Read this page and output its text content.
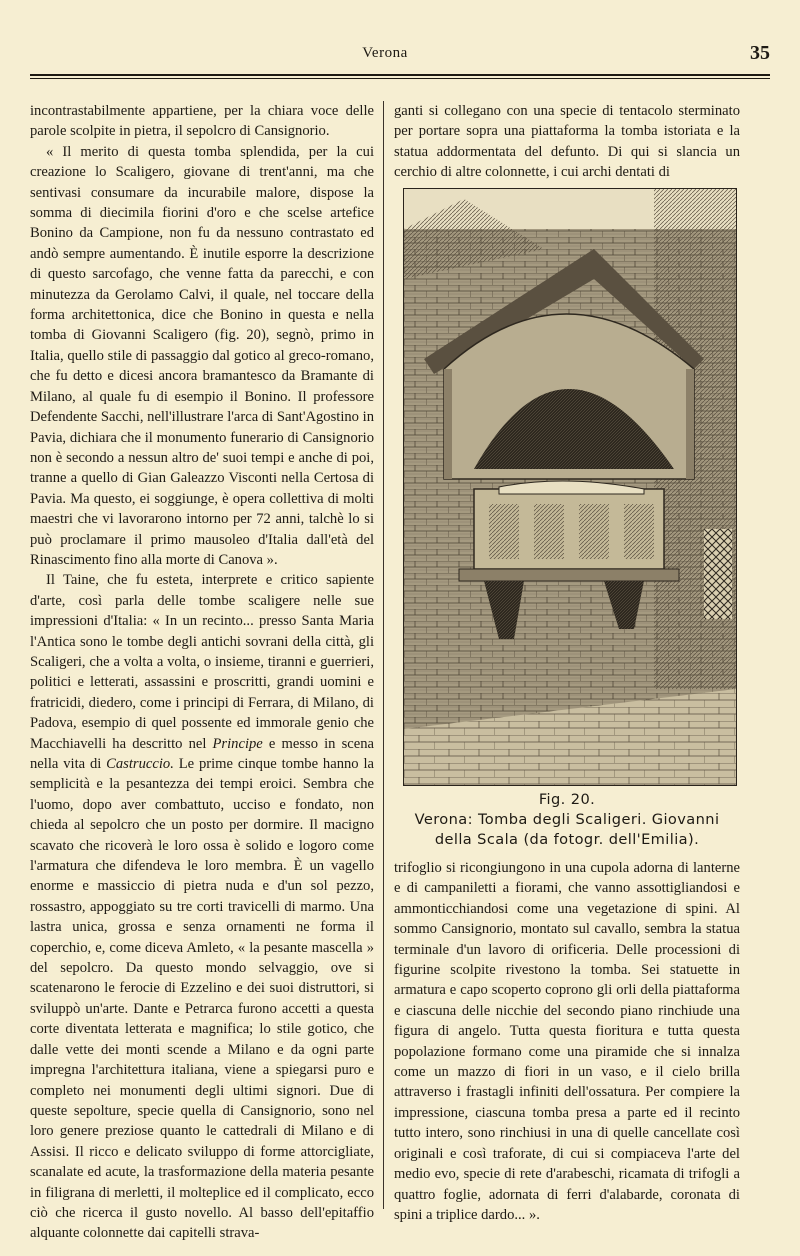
Verona	35

incontrastabilmente appartiene, per la chiara voce delle parole scolpite in pietra, il sepolcro di Cansignorio.

« Il merito di questa tomba splendida, per la cui creazione lo Scaligero, giovane di trent'anni, ma che sentivasi consumare da incurabile malore, dispose la somma di diecimila fiorini d'oro e che scelse artefice Bonino da Campione, non fu da nessuno contrastato ed andò sempre aumentando. È inutile esporre la descrizione di questo sarcofago, che venne fatta da parecchi, e con minutezza da Gerolamo Calvi, il quale, nel toccare della forma architettonica, dice che Bonino in questa e nella tomba di Giovanni Scaligero (fig. 20), segnò, primo in Italia, quello stile di passaggio dal gotico al greco-romano, che fu detto e dicesi ancora bramantesco da Bramante di Milano, al quale fu di esempio il Bonino. Il professore Defendente Sacchi, nell'illustrare l'arca di Sant'Agostino in Pavia, dichiara che il monumento funerario di Cansignorio non è secondo a nessun altro de' suoi tempi e anche di poi, tranne a quello di Gian Galeazzo Visconti nella Certosa di Pavia. Ma questo, ei soggiunge, è opera collettiva di molti maestri che vi lavorarono intorno per 72 anni, talchè lo si può proclamare il primo mausoleo d'Italia dall'età del Rinascimento fino alla morte di Canova ».

Il Taine, che fu esteta, interprete e critico sapiente d'arte, così parla delle tombe scaligere nelle sue impressioni d'Italia: « In un recinto... presso Santa Maria l'Antica sono le tombe degli antichi sovrani della città, gli Scaligeri, che a volta a volta, o insieme, tiranni e guerrieri, politici e letterati, assassini e proscritti, grandi uomini e fratricidi, diedero, come i principi di Ferrara, di Milano, di Padova, esempio di quel possente ed immorale genio che Macchiavelli ha descritto nel Principe e messo in scena nella vita di Castruccio. Le prime cinque tombe hanno la semplicità e la pesantezza dei tempi eroici. Sembra che l'uomo, dopo aver combattuto, ucciso e fondato, non chieda al sepolcro che un posto per dormire. Il macigno scavato che ricoverà le loro ossa è solido e logoro come l'armatura che difendeva le loro membra. È un vagello enorme e massiccio di pietra nuda e d'un sol pezzo, rossastro, appoggiato su tre corti travicelli di marmo. Una lastra unica, grossa e senza ornamenti ne forma il coperchio, e, come diceva Amleto, « la pesante mascella » del sepolcro. Da questo mondo selvaggio, ove si scatenarono le ferocie di Ezzelino e dei suoi distruttori, si sviluppò un'arte. Dante e Petrarca furono accetti a questa corte diventata letterata e magnifica; lo stile gotico, che dalle vette dei monti scende a Milano e da ogni parte impregna l'architettura italiana, viene a spiegarsi puro e completo nei monumenti degli ultimi signori. Due di queste sepolture, specie quella di Cansignorio, sono nel loro genere preziose quanto le cattedrali di Milano e di Assisi. Il ricco e delicato sviluppo di forme attorcigliate, scanalate ed acute, la trasformazione della materia pesante in filigrana di merletti, il molteplice ed il complicato, ecco ciò che ricerca il gusto novello. Al basso dell'epitaffio alquante colonnette dai capitelli strava-

ganti si collegano con una specie di tentacolo sterminato per portare sopra una piattaforma la tomba istoriata e la statua addormentata del defunto. Di qui si slancia un cerchio di altre colonnette, i cui archi dentati di

Fig. 20.
Verona: Tomba degli Scaligeri. Giovanni
della Scala (da fotogr. dell'Emilia).

trifoglio si ricongiungono in una cupola adorna di lanterne e di campaniletti a fiorami, che vanno assottigliandosi e ammonticchiandosi come una vegetazione di spini. Al sommo Cansignorio, montato sul cavallo, sembra la statua terminale d'un lavoro di orificeria. Delle processioni di figurine scolpite rivestono la tomba. Sei statuette in armatura e capo scoperto coprono gli orli della piattaforma e ciascuna delle nicchie del secondo piano rinchiude una figura di angelo. Tutta questa fioritura e tutta questa popolazione formano come una piramide che si innalza come un mazzo di fiori in un vaso, e il cielo brilla attraverso i frastagli infiniti dell'ossatura. Per compiere la impressione, ciascuna tomba presa a parte ed il recinto tutto intero, sono rinchiusi in una di quelle cancellate così originali e così traforate, di cui si compiaceva l'arte del medio evo, specie di rete d'arabeschi, ricamata di trifogli a quattro foglie, adornata di ferri d'alabarde, coronata di spini a triplice dardo... ».
